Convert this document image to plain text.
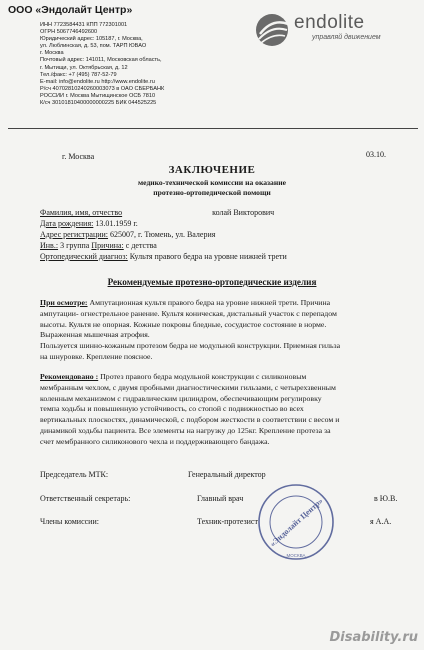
ООО «Эндолайт Центр»
ИНН 7723584431 КПП 772301001
ОГРН 5067746492600
Юридический адрес: 105187, г. Москва,
ул. Люблинская, д. 53, пом. ТАРП ЮВАО
г. Москва
Почтовый адрес: 141011, Московская область,
г. Мытищи, ул. Октябрьская, д. 12
Тел./факс: +7 (495) 787-52-79
E-mail: info@endolite.ru http://www.endolite.ru
Р/сч 40702810240260003073 в ОАО СБЕРБАНК
РОССИИ г. Москва Мытищинское ОСБ 7810
К/сч 30101810400000000225 БИК 044525225
endolite
управляй движением
г. Москва	03.10.
ЗАКЛЮЧЕНИЕ
медико-технической комиссии на оказание
протезно-ортопедической помощи
Фамилия, имя, отчество	колай Викторович
Дата рождения: 13.01.1959 г.
Адрес регистрации: 625007, г. Тюмень, ул. Валерия
Инв.: 3 группа Причина: с детства
Ортопедический диагноз: Культя правого бедра на уровне нижней трети
Рекомендуемые протезно-ортопедические изделия
При осмотре: Ампутационная культя правого бедра на уровне нижней трети. Причина
ампутации- огнестрельное ранение. Культя коническая, дистальный участок с перепадом
высоты. Культя не опорная. Кожные покровы бледные, сосудистое состояние в норме.
Выраженная мышечная атрофия.
Пользуется шинно-кожаным протезом бедра не модульной конструкции. Приемная гильза
на шнуровке. Крепление поясное.
Рекомендовано : Протез правого бедра модульной конструкции с силиконовым
мембранным чехлом, с двумя пробными диагностическими гильзами, с четырехзвенным
коленным механизмом с гидравлическим цилиндром, обеспечивающим регулировку
темпа ходьбы и повышенную устойчивость, со стопой с подвижностью во всех
вертикальных плоскостях, динамической, с подбором жесткости в соответствии с весом и
динамикой ходьбы пациента. Все элементы на нагрузку до 125кг. Крепление протеза за
счет мембранного силиконового чехла и поддерживающего бандажа.
Председатель МТК:	Генеральный директор
Ответственный секретарь:	Главный врач	в Ю.В.
Члены комиссии:	Техник-протезист	я А.А.
«Эндолайт Центр»
МОСКВА
Disability.ru
